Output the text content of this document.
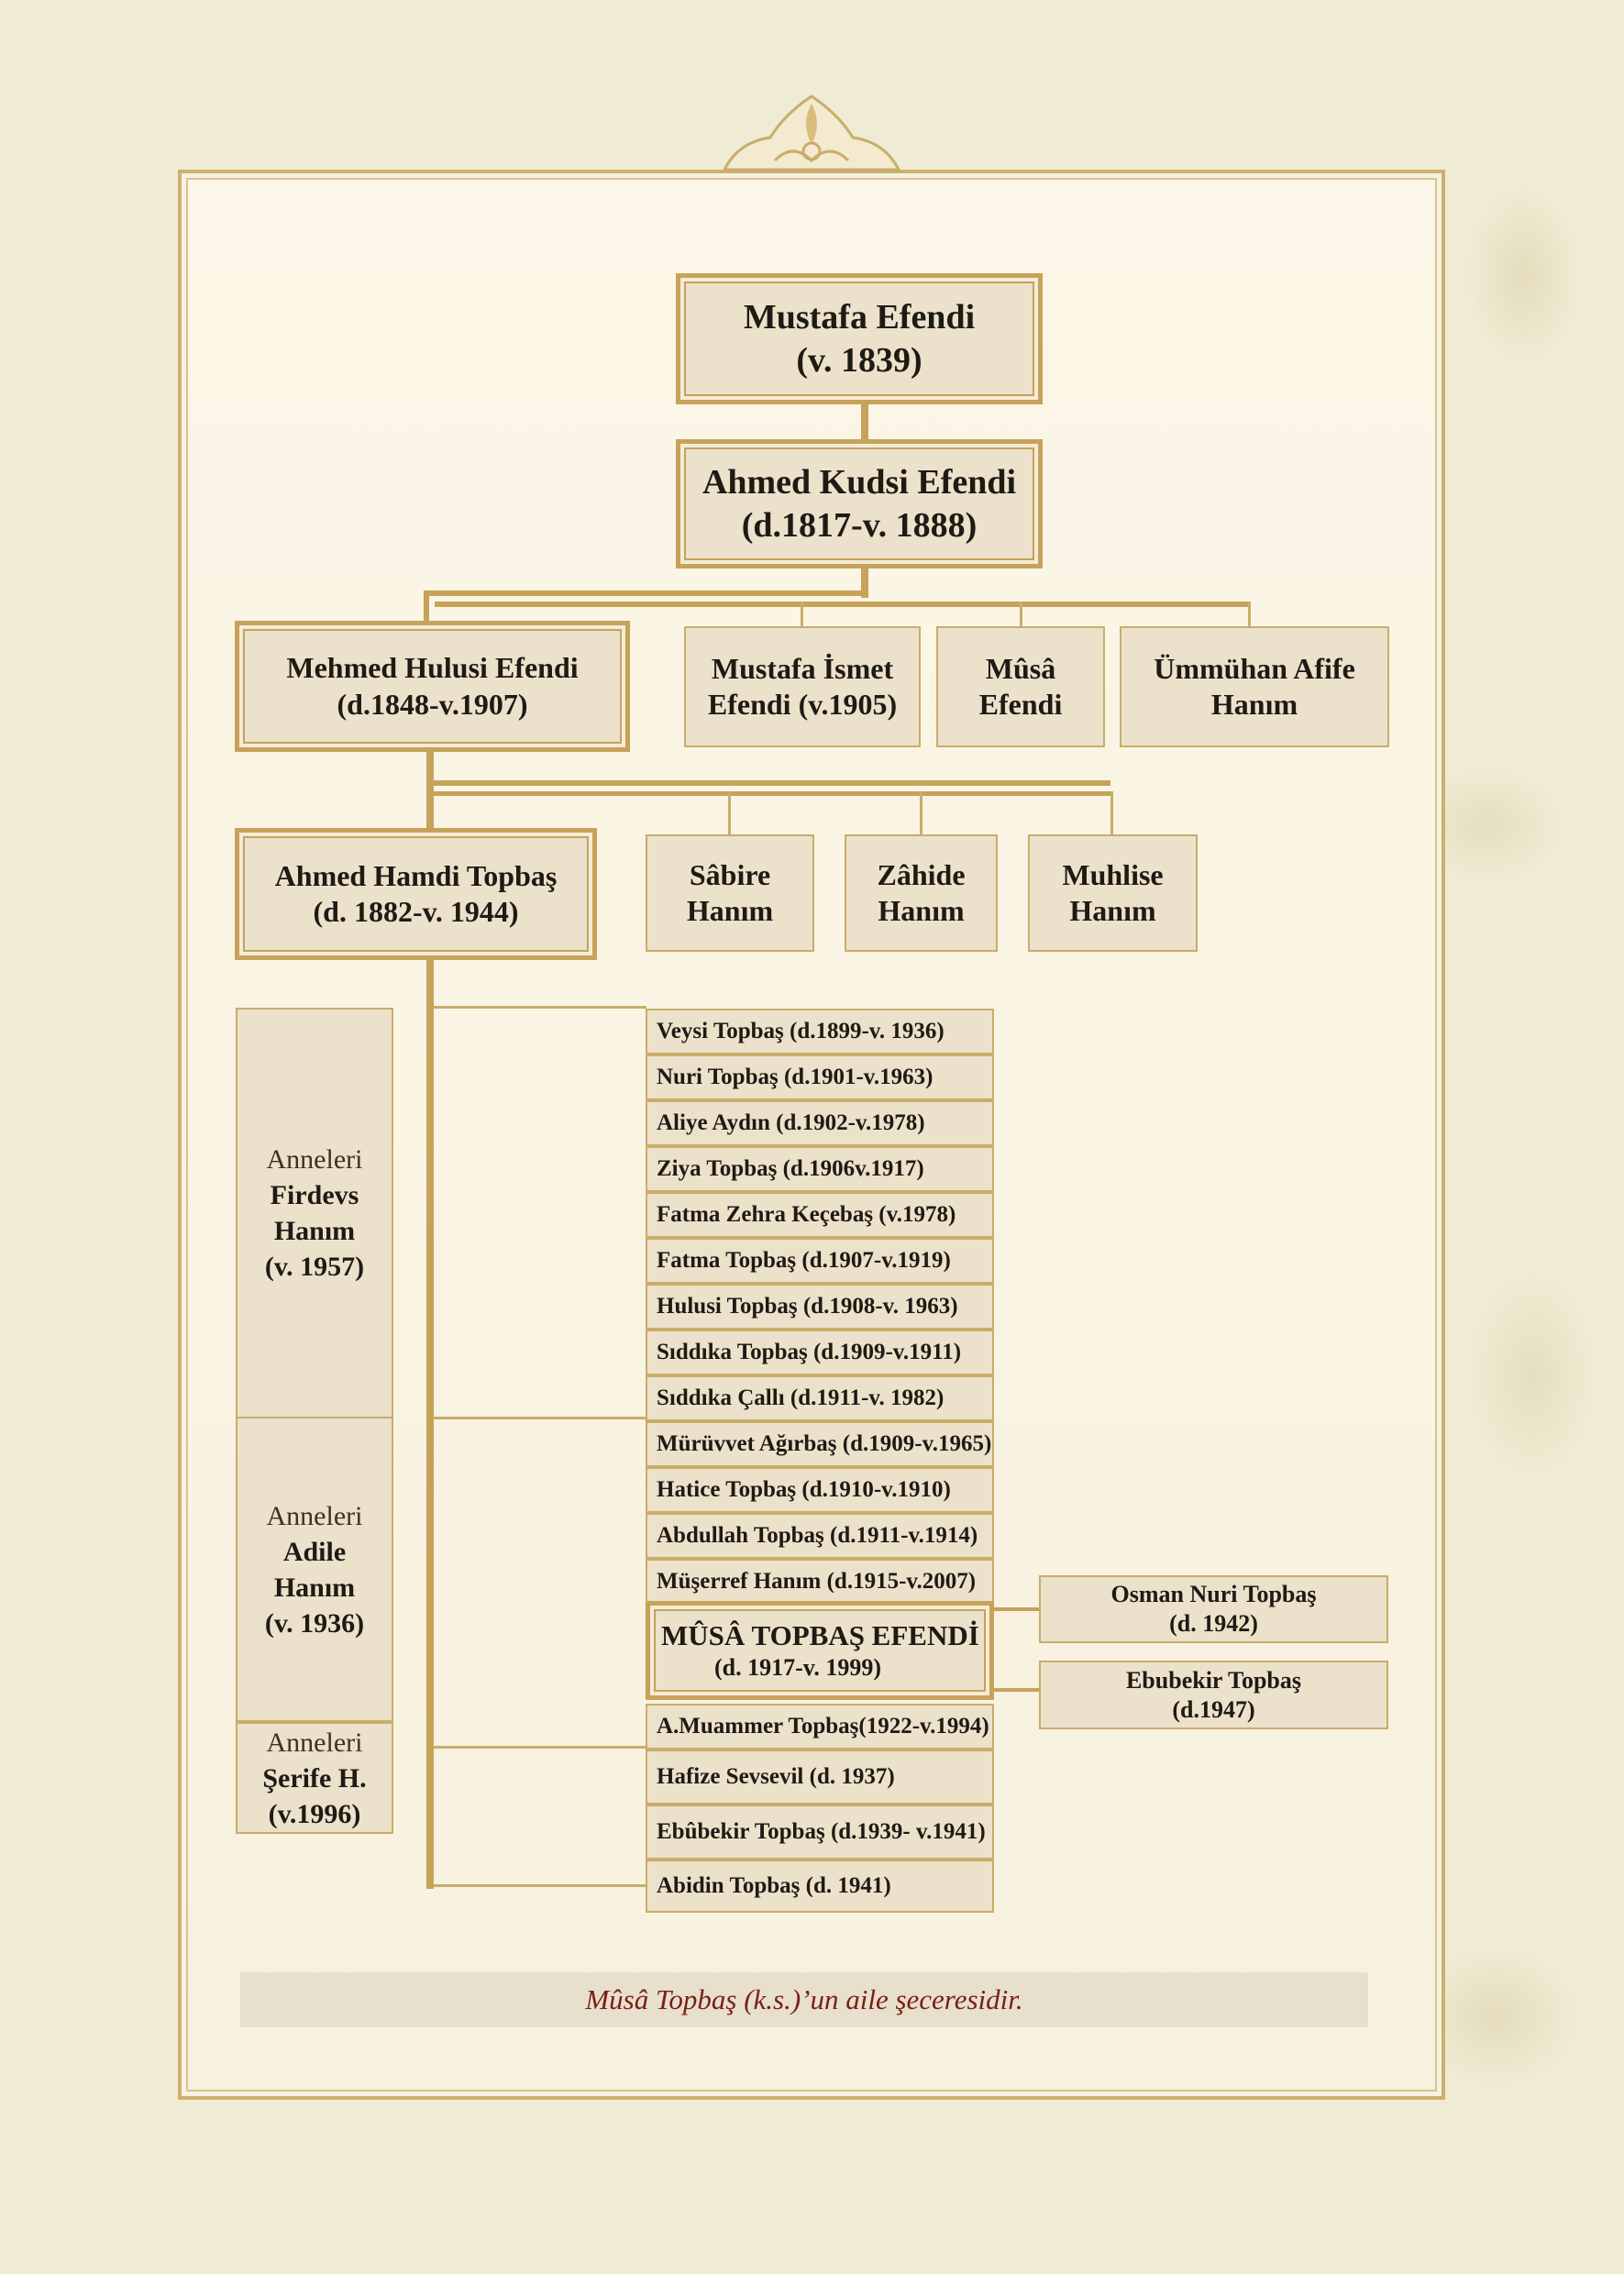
Mustafa Efendi
(v. 1839)
Ahmed Kudsi Efendi
(d.1817-v. 1888)
Mehmed Hulusi Efendi
(d.1848-v.1907)
Mustafa İsmet
Efendi (v.1905)
Mûsâ
Efendi
Ümmühan Afife
Hanım
Ahmed Hamdi Topbaş
(d. 1882-v. 1944)
Sâbire
Hanım
Zâhide
Hanım
Muhlise
Hanım
Anneleri
Firdevs
Hanım
(v. 1957)
Anneleri
Adile
Hanım
(v. 1936)
Anneleri
Şerife H.
(v.1996)
Veysi Topbaş (d.1899-v. 1936)
Nuri Topbaş (d.1901-v.1963)
Aliye Aydın (d.1902-v.1978)
Ziya Topbaş (d.1906v.1917)
Fatma Zehra Keçebaş (v.1978)
Fatma Topbaş (d.1907-v.1919)
Hulusi Topbaş (d.1908-v. 1963)
Sıddıka Topbaş (d.1909-v.1911)
Sıddıka Çallı (d.1911-v. 1982)
Mürüvvet Ağırbaş (d.1909-v.1965)
Hatice Topbaş (d.1910-v.1910)
Abdullah Topbaş (d.1911-v.1914)
Müşerref Hanım (d.1915-v.2007)
MÛSÂ TOPBAŞ EFENDİ
(d. 1917-v. 1999)
A.Muammer Topbaş(1922-v.1994)
Hafize Sevsevil (d. 1937)
Ebûbekir Topbaş (d.1939- v.1941)
Abidin Topbaş (d. 1941)
Osman Nuri Topbaş
(d. 1942)
Ebubekir Topbaş
(d.1947)
Mûsâ Topbaş (k.s.)’un aile şeceresidir.
